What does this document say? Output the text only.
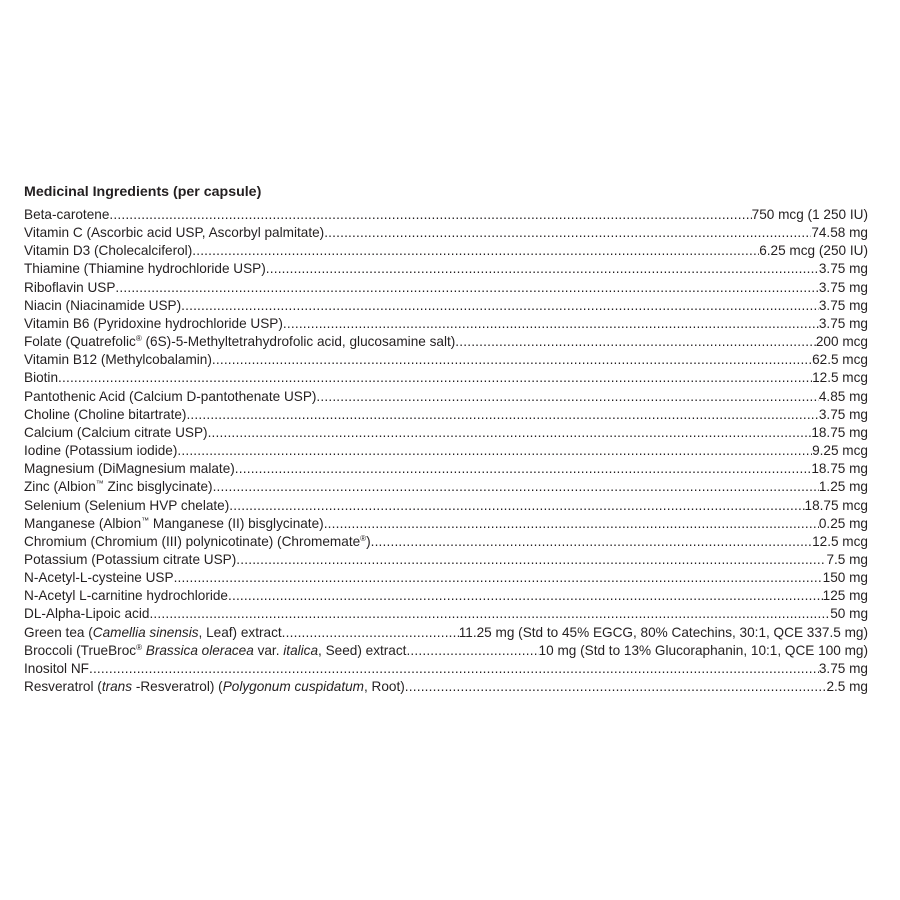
Medicinal Ingredients (per capsule)
Beta-carotene .....	750 mcg (1 250 IU)
Vitamin C (Ascorbic acid USP, Ascorbyl palmitate) .....	74.58 mg
Vitamin D3 (Cholecalciferol) .....	6.25 mcg (250 IU)
Thiamine (Thiamine hydrochloride USP) .....	3.75 mg
Riboflavin USP .....	3.75 mg
Niacin (Niacinamide USP) .....	3.75 mg
Vitamin B6 (Pyridoxine hydrochloride USP) .....	3.75 mg
Folate (Quatrefolic® (6S)-5-Methyltetrahydrofolic acid, glucosamine salt) .....	200 mcg
Vitamin B12 (Methylcobalamin) .....	62.5 mcg
Biotin .....	12.5 mcg
Pantothenic Acid (Calcium D-pantothenate USP) .....	4.85 mg
Choline (Choline bitartrate) .....	3.75 mg
Calcium (Calcium citrate USP) .....	18.75 mg
Iodine (Potassium iodide) .....	9.25 mcg
Magnesium (DiMagnesium malate) .....	18.75 mg
Zinc (Albion™ Zinc bisglycinate) .....	1.25 mg
Selenium (Selenium HVP chelate) .....	18.75 mcg
Manganese (Albion™ Manganese (II) bisglycinate) .....	0.25 mg
Chromium (Chromium (III) polynicotinate) (Chromemate®) .....	12.5 mcg
Potassium (Potassium citrate USP) .....	7.5 mg
N-Acetyl-L-cysteine USP .....	150 mg
N-Acetyl L-carnitine hydrochloride .....	125 mg
DL-Alpha-Lipoic acid .....	50 mg
Green tea (Camellia sinensis, Leaf) extract .....	11.25 mg (Std to 45% EGCG, 80% Catechins, 30:1, QCE 337.5 mg)
Broccoli (TrueBroc® Brassica oleracea var. italica, Seed) extract .....	10 mg (Std to 13% Glucoraphanin, 10:1, QCE 100 mg)
Inositol NF .....	3.75 mg
Resveratrol (trans -Resveratrol) (Polygonum cuspidatum, Root) .....	2.5 mg
